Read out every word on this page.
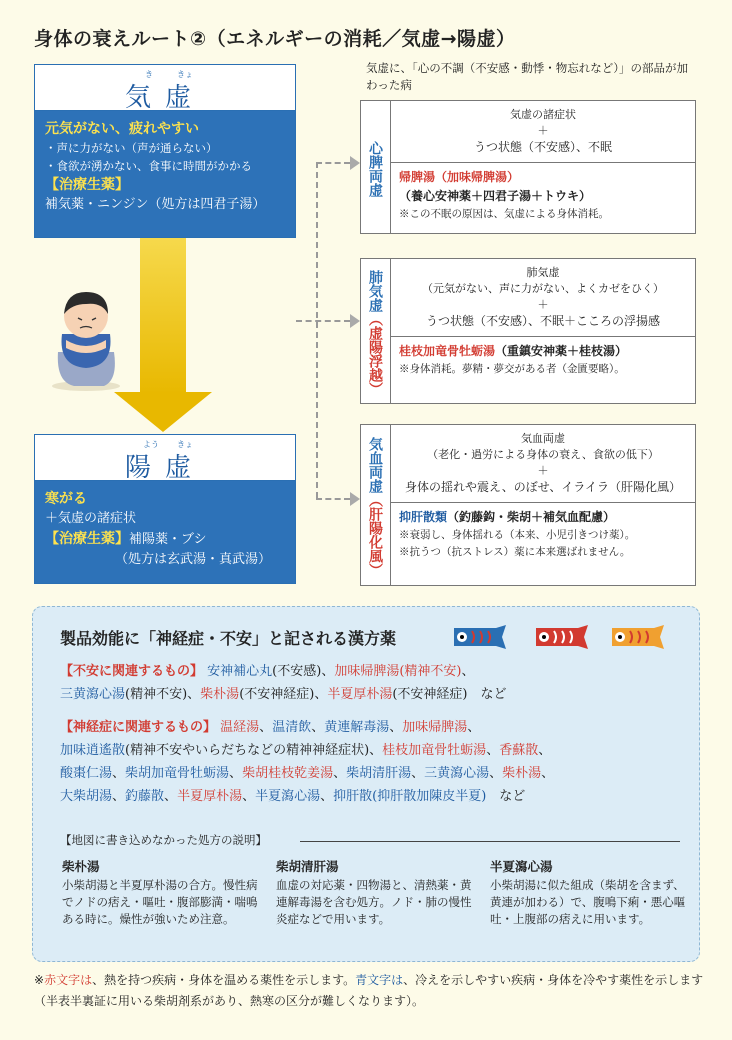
身体の衰えルート②（エネルギーの消耗／気虚→陽虚）
き	きょ
気虚
元気がない、疲れやすい
・声に力がない（声が通らない）
・食欲が湧かない、食事に時間がかかる
【治療生薬】
補気薬・ニンジン（処方は四君子湯）
よう きょ
陽虚
寒がる
＋気虚の諸症状
【治療生薬】補陽薬・ブシ
（処方は玄武湯・真武湯）
気虚に、「心の不調（不安感・動悸・物忘れなど）」の部品が加わった病
心脾両虚
気虚の諸症状
＋
うつ状態（不安感）、不眠
帰脾湯（加味帰脾湯）
（養心安神薬＋四君子湯＋トウキ）
※この不眠の原因は、気虚による身体消耗。
肺気虚（虚陽浮越）
肺気虚
（元気がない、声に力がない、よくカゼをひく）
＋
うつ状態（不安感）、不眠＋こころの浮揚感
桂枝加竜骨牡蛎湯（重鎮安神薬＋桂枝湯）
※身体消耗。夢精・夢交がある者（金匱要略）。
気血両虚（肝陽化風）
気血両虚
（老化・過労による身体の衰え、食欲の低下）
＋
身体の揺れや震え、のぼせ、イライラ（肝陽化風）
抑肝散類（釣藤鈎・柴胡＋補気血配慮）
※衰弱し、身体揺れる（本来、小児引きつけ薬）。
※抗うつ（抗ストレス）薬に本来選ばれません。
製品効能に「神経症・不安」と記される漢方薬
【不安に関連するもの】 安神補心丸(不安感)、加味帰脾湯(精神不安)、
三黄瀉心湯(精神不安)、柴朴湯(不安神経症)、半夏厚朴湯(不安神経症)　など
【神経症に関連するもの】 温経湯、温清飲、黄連解毒湯、加味帰脾湯、
加味逍遙散(精神不安やいらだちなどの精神神経症状)、桂枝加竜骨牡蛎湯、香蘇散、
酸棗仁湯、柴胡加竜骨牡蛎湯、柴胡桂枝乾姜湯、柴胡清肝湯、三黄瀉心湯、柴朴湯、
大柴胡湯、釣藤散、半夏厚朴湯、半夏瀉心湯、抑肝散(抑肝散加陳皮半夏)　など
【地図に書き込めなかった処方の説明】
柴朴湯
小柴胡湯と半夏厚朴湯の合方。慢性病でノドの痞え・嘔吐・腹部膨満・喘鳴ある時に。燥性が強いため注意。
柴胡清肝湯
血虚の対応薬・四物湯と、清熱薬・黄連解毒湯を含む処方。ノド・肺の慢性炎症などで用います。
半夏瀉心湯
小柴胡湯に似た組成（柴胡を含まず、黄連が加わる）で、腹鳴下痢・悪心嘔吐・上腹部の痞えに用います。
※赤文字は、熱を持つ疾病・身体を温める薬性を示します。青文字は、冷えを示しやすい疾病・身体を冷やす薬性を示します（半表半裏証に用いる柴胡剤系があり、熱寒の区分が難しくなります）。
